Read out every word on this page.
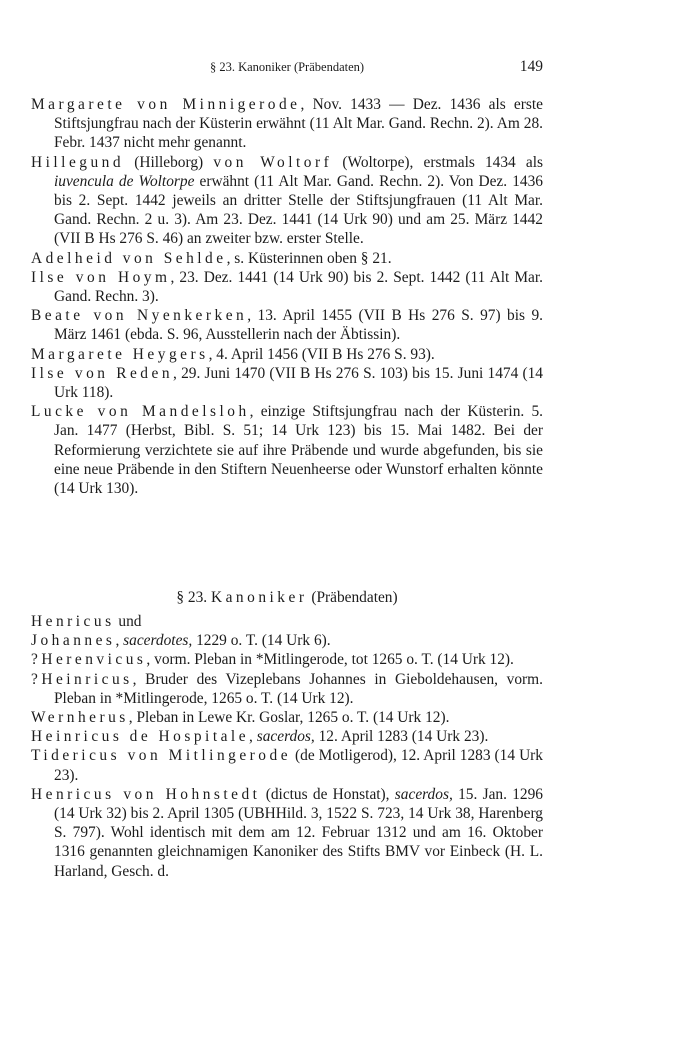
§ 23. Kanoniker (Präbendaten)	149

Margarete von Minnigerode, Nov. 1433 — Dez. 1436 als erste Stiftsjungfrau nach der Küsterin erwähnt (11 Alt Mar. Gand. Rechn. 2). Am 28. Febr. 1437 nicht mehr genannt.

Hillegund (Hilleborg) von Woltorf (Woltorpe), erstmals 1434 als iuvencula de Woltorpe erwähnt (11 Alt Mar. Gand. Rechn. 2). Von Dez. 1436 bis 2. Sept. 1442 jeweils an dritter Stelle der Stiftsjungfrauen (11 Alt Mar. Gand. Rechn. 2 u. 3). Am 23. Dez. 1441 (14 Urk 90) und am 25. März 1442 (VII B Hs 276 S. 46) an zweiter bzw. erster Stelle.

Adelheid von Sehlde, s. Küsterinnen oben § 21.

Ilse von Hoym, 23. Dez. 1441 (14 Urk 90) bis 2. Sept. 1442 (11 Alt Mar. Gand. Rechn. 3).

Beate von Nyenkerken, 13. April 1455 (VII B Hs 276 S. 97) bis 9. März 1461 (ebda. S. 96, Ausstellerin nach der Äbtissin).

Margarete Heygers, 4. April 1456 (VII B Hs 276 S. 93).

Ilse von Reden, 29. Juni 1470 (VII B Hs 276 S. 103) bis 15. Juni 1474 (14 Urk 118).

Lucke von Mandelsloh, einzige Stiftsjungfrau nach der Küsterin. 5. Jan. 1477 (Herbst, Bibl. S. 51; 14 Urk 123) bis 15. Mai 1482. Bei der Reformierung verzichtete sie auf ihre Präbende und wurde abgefunden, bis sie eine neue Präbende in den Stiftern Neuenheerse oder Wunstorf erhalten könnte (14 Urk 130).

§ 23. Kanoniker (Präbendaten)

Henricus und

Johannes, sacerdotes, 1229 o. T. (14 Urk 6).

?Herenvicus, vorm. Pleban in *Mitlingerode, tot 1265 o. T. (14 Urk 12).

?Heinricus, Bruder des Vizeplebans Johannes in Gieboldehausen, vorm. Pleban in *Mitlingerode, 1265 o. T. (14 Urk 12).

Wernherus, Pleban in Lewe Kr. Goslar, 1265 o. T. (14 Urk 12).

Heinricus de Hospitale, sacerdos, 12. April 1283 (14 Urk 23).

Tidericus von Mitlingerode (de Motligerod), 12. April 1283 (14 Urk 23).

Henricus von Hohnstedt (dictus de Honstat), sacerdos, 15. Jan. 1296 (14 Urk 32) bis 2. April 1305 (UBHHild. 3, 1522 S. 723, 14 Urk 38, Harenberg S. 797). Wohl identisch mit dem am 12. Februar 1312 und am 16. Oktober 1316 genannten gleichnamigen Kanoniker des Stifts BMV vor Einbeck (H. L. Harland, Gesch. d.
